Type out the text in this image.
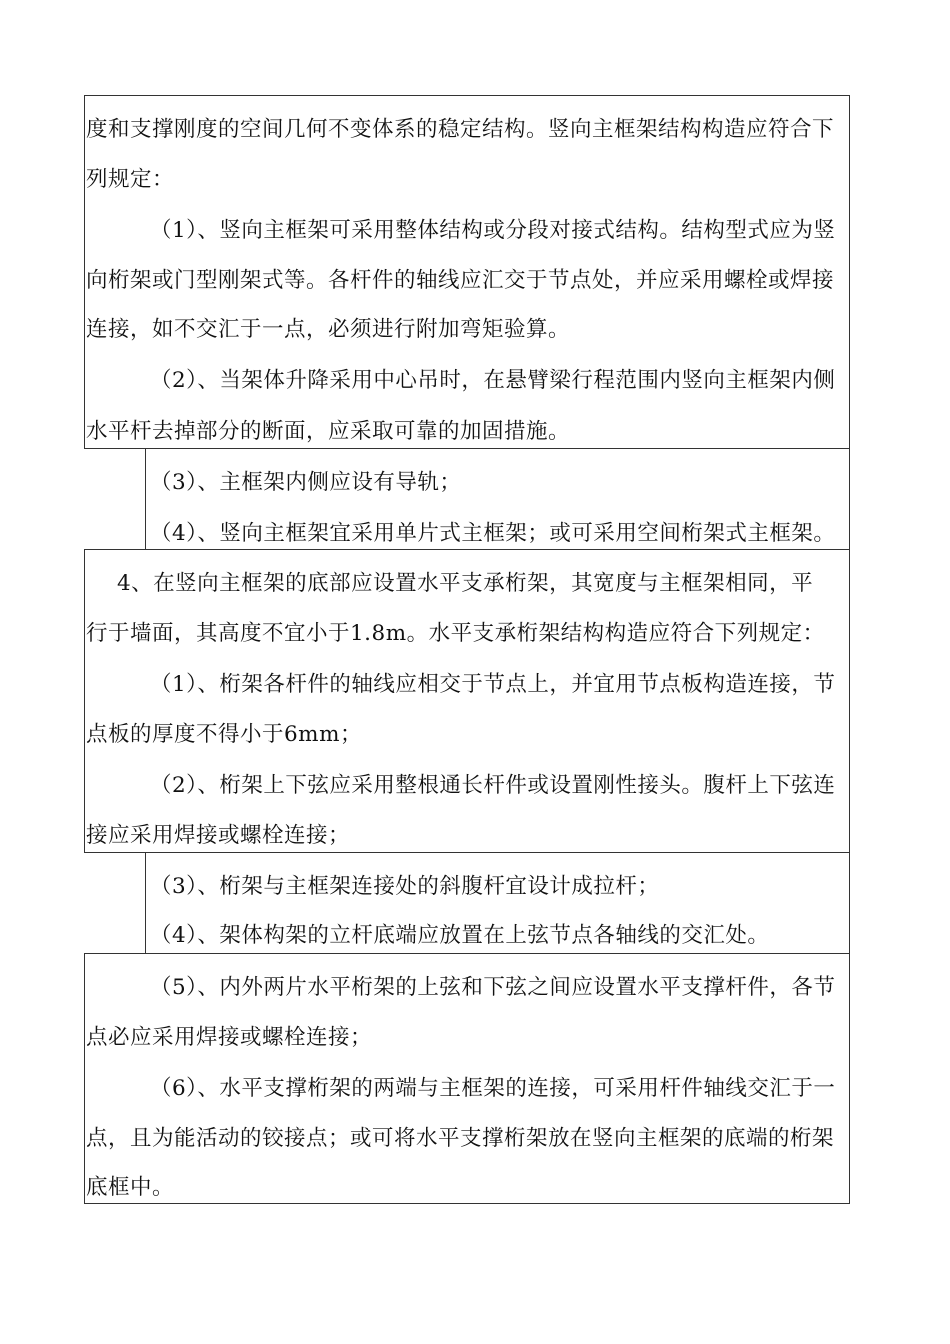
度和支撑刚度的空间几何不变体系的稳定结构。竖向主框架结构构造应符合下
列规定：
（1）、竖向主框架可采用整体结构或分段对接式结构。结构型式应为竖
向桁架或门型刚架式等。各杆件的轴线应汇交于节点处，并应采用螺栓或焊接
连接，如不交汇于一点，必须进行附加弯矩验算。
（2）、当架体升降采用中心吊时，在悬臂梁行程范围内竖向主框架内侧
水平杆去掉部分的断面，应采取可靠的加固措施。
（3）、主框架内侧应设有导轨；
（4）、竖向主框架宜采用单片式主框架；或可采用空间桁架式主框架。
4、在竖向主框架的底部应设置水平支承桁架，其宽度与主框架相同，平
行于墙面，其高度不宜小于1.8m。水平支承桁架结构构造应符合下列规定：
（1）、桁架各杆件的轴线应相交于节点上，并宜用节点板构造连接，节
点板的厚度不得小于6mm；
（2）、桁架上下弦应采用整根通长杆件或设置刚性接头。腹杆上下弦连
接应采用焊接或螺栓连接；
（3）、桁架与主框架连接处的斜腹杆宜设计成拉杆；
（4）、架体构架的立杆底端应放置在上弦节点各轴线的交汇处。
（5）、内外两片水平桁架的上弦和下弦之间应设置水平支撑杆件，各节
点必应采用焊接或螺栓连接；
（6）、水平支撑桁架的两端与主框架的连接，可采用杆件轴线交汇于一
点，且为能活动的铰接点；或可将水平支撑桁架放在竖向主框架的底端的桁架
底框中。
